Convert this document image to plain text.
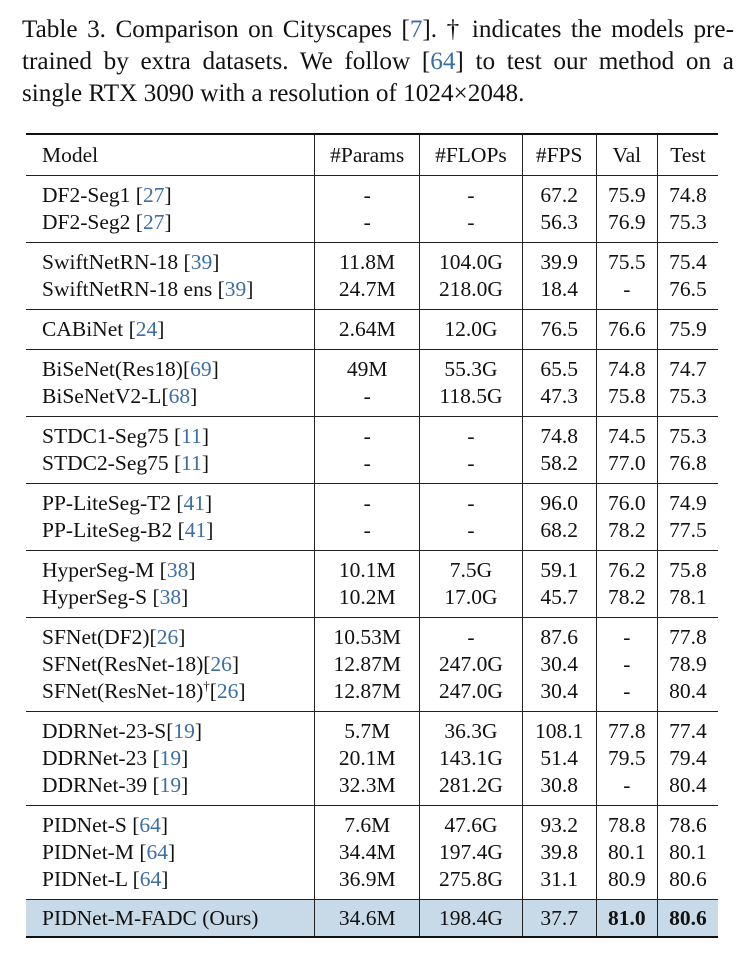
Table 3. Comparison on Cityscapes [7]. † indicates the models pre-trained by extra datasets. We follow [64] to test our method on a single RTX 3090 with a resolution of 1024×2048.
Model	#Params	#FLOPs	#FPS	Val	Test
DF2-Seg1 [27]	-	-	67.2	75.9	74.8
DF2-Seg2 [27]	-	-	56.3	76.9	75.3
SwiftNetRN-18 [39]	11.8M	104.0G	39.9	75.5	75.4
SwiftNetRN-18 ens [39]	24.7M	218.0G	18.4	-	76.5
CABiNet [24]	2.64M	12.0G	76.5	76.6	75.9
BiSeNet(Res18)[69]	49M	55.3G	65.5	74.8	74.7
BiSeNetV2-L[68]	-	118.5G	47.3	75.8	75.3
STDC1-Seg75 [11]	-	-	74.8	74.5	75.3
STDC2-Seg75 [11]	-	-	58.2	77.0	76.8
PP-LiteSeg-T2 [41]	-	-	96.0	76.0	74.9
PP-LiteSeg-B2 [41]	-	-	68.2	78.2	77.5
HyperSeg-M [38]	10.1M	7.5G	59.1	76.2	75.8
HyperSeg-S [38]	10.2M	17.0G	45.7	78.2	78.1
SFNet(DF2)[26]	10.53M	-	87.6	-	77.8
SFNet(ResNet-18)[26]	12.87M	247.0G	30.4	-	78.9
SFNet(ResNet-18)†[26]	12.87M	247.0G	30.4	-	80.4
DDRNet-23-S[19]	5.7M	36.3G	108.1	77.8	77.4
DDRNet-23 [19]	20.1M	143.1G	51.4	79.5	79.4
DDRNet-39 [19]	32.3M	281.2G	30.8	-	80.4
PIDNet-S [64]	7.6M	47.6G	93.2	78.8	78.6
PIDNet-M [64]	34.4M	197.4G	39.8	80.1	80.1
PIDNet-L [64]	36.9M	275.8G	31.1	80.9	80.6
PIDNet-M-FADC (Ours)	34.6M	198.4G	37.7	81.0	80.6
